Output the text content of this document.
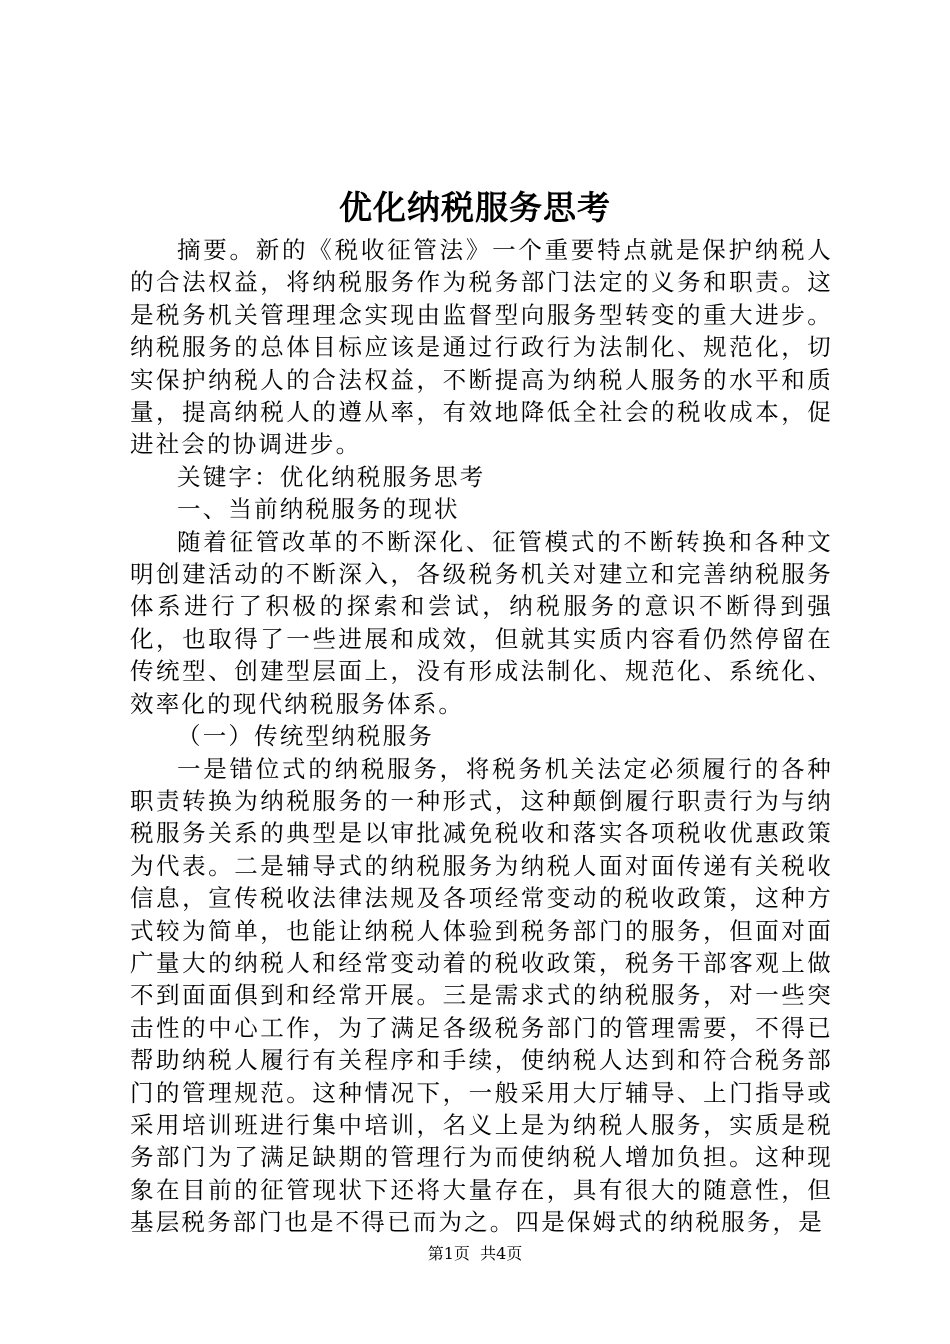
优化纳税服务思考

摘要。新的《税收征管法》一个重要特点就是保护纳税人的合法权益，将纳税服务作为税务部门法定的义务和职责。这是税务机关管理理念实现由监督型向服务型转变的重大进步。纳税服务的总体目标应该是通过行政行为法制化、规范化，切实保护纳税人的合法权益，不断提高为纳税人服务的水平和质量，提高纳税人的遵从率，有效地降低全社会的税收成本，促进社会的协调进步。

关键字：优化纳税服务思考

一、当前纳税服务的现状

随着征管改革的不断深化、征管模式的不断转换和各种文明创建活动的不断深入，各级税务机关对建立和完善纳税服务体系进行了积极的探索和尝试，纳税服务的意识不断得到强化，也取得了一些进展和成效，但就其实质内容看仍然停留在传统型、创建型层面上，没有形成法制化、规范化、系统化、效率化的现代纳税服务体系。

（一）传统型纳税服务

一是错位式的纳税服务，将税务机关法定必须履行的各种职责转换为纳税服务的一种形式，这种颠倒履行职责行为与纳税服务关系的典型是以审批减免税收和落实各项税收优惠政策为代表。二是辅导式的纳税服务为纳税人面对面传递有关税收信息，宣传税收法律法规及各项经常变动的税收政策，这种方式较为简单，也能让纳税人体验到税务部门的服务，但面对面广量大的纳税人和经常变动着的税收政策，税务干部客观上做不到面面俱到和经常开展。三是需求式的纳税服务，对一些突击性的中心工作，为了满足各级税务部门的管理需要，不得已帮助纳税人履行有关程序和手续，使纳税人达到和符合税务部门的管理规范。这种情况下，一般采用大厅辅导、上门指导或采用培训班进行集中培训，名义上是为纳税人服务，实质是税务部门为了满足缺期的管理行为而使纳税人增加负担。这种现象在目前的征管现状下还将大量存在，具有很大的随意性，但基层税务部门也是不得已而为之。四是保姆式的纳税服务，是

第1页 共4页
